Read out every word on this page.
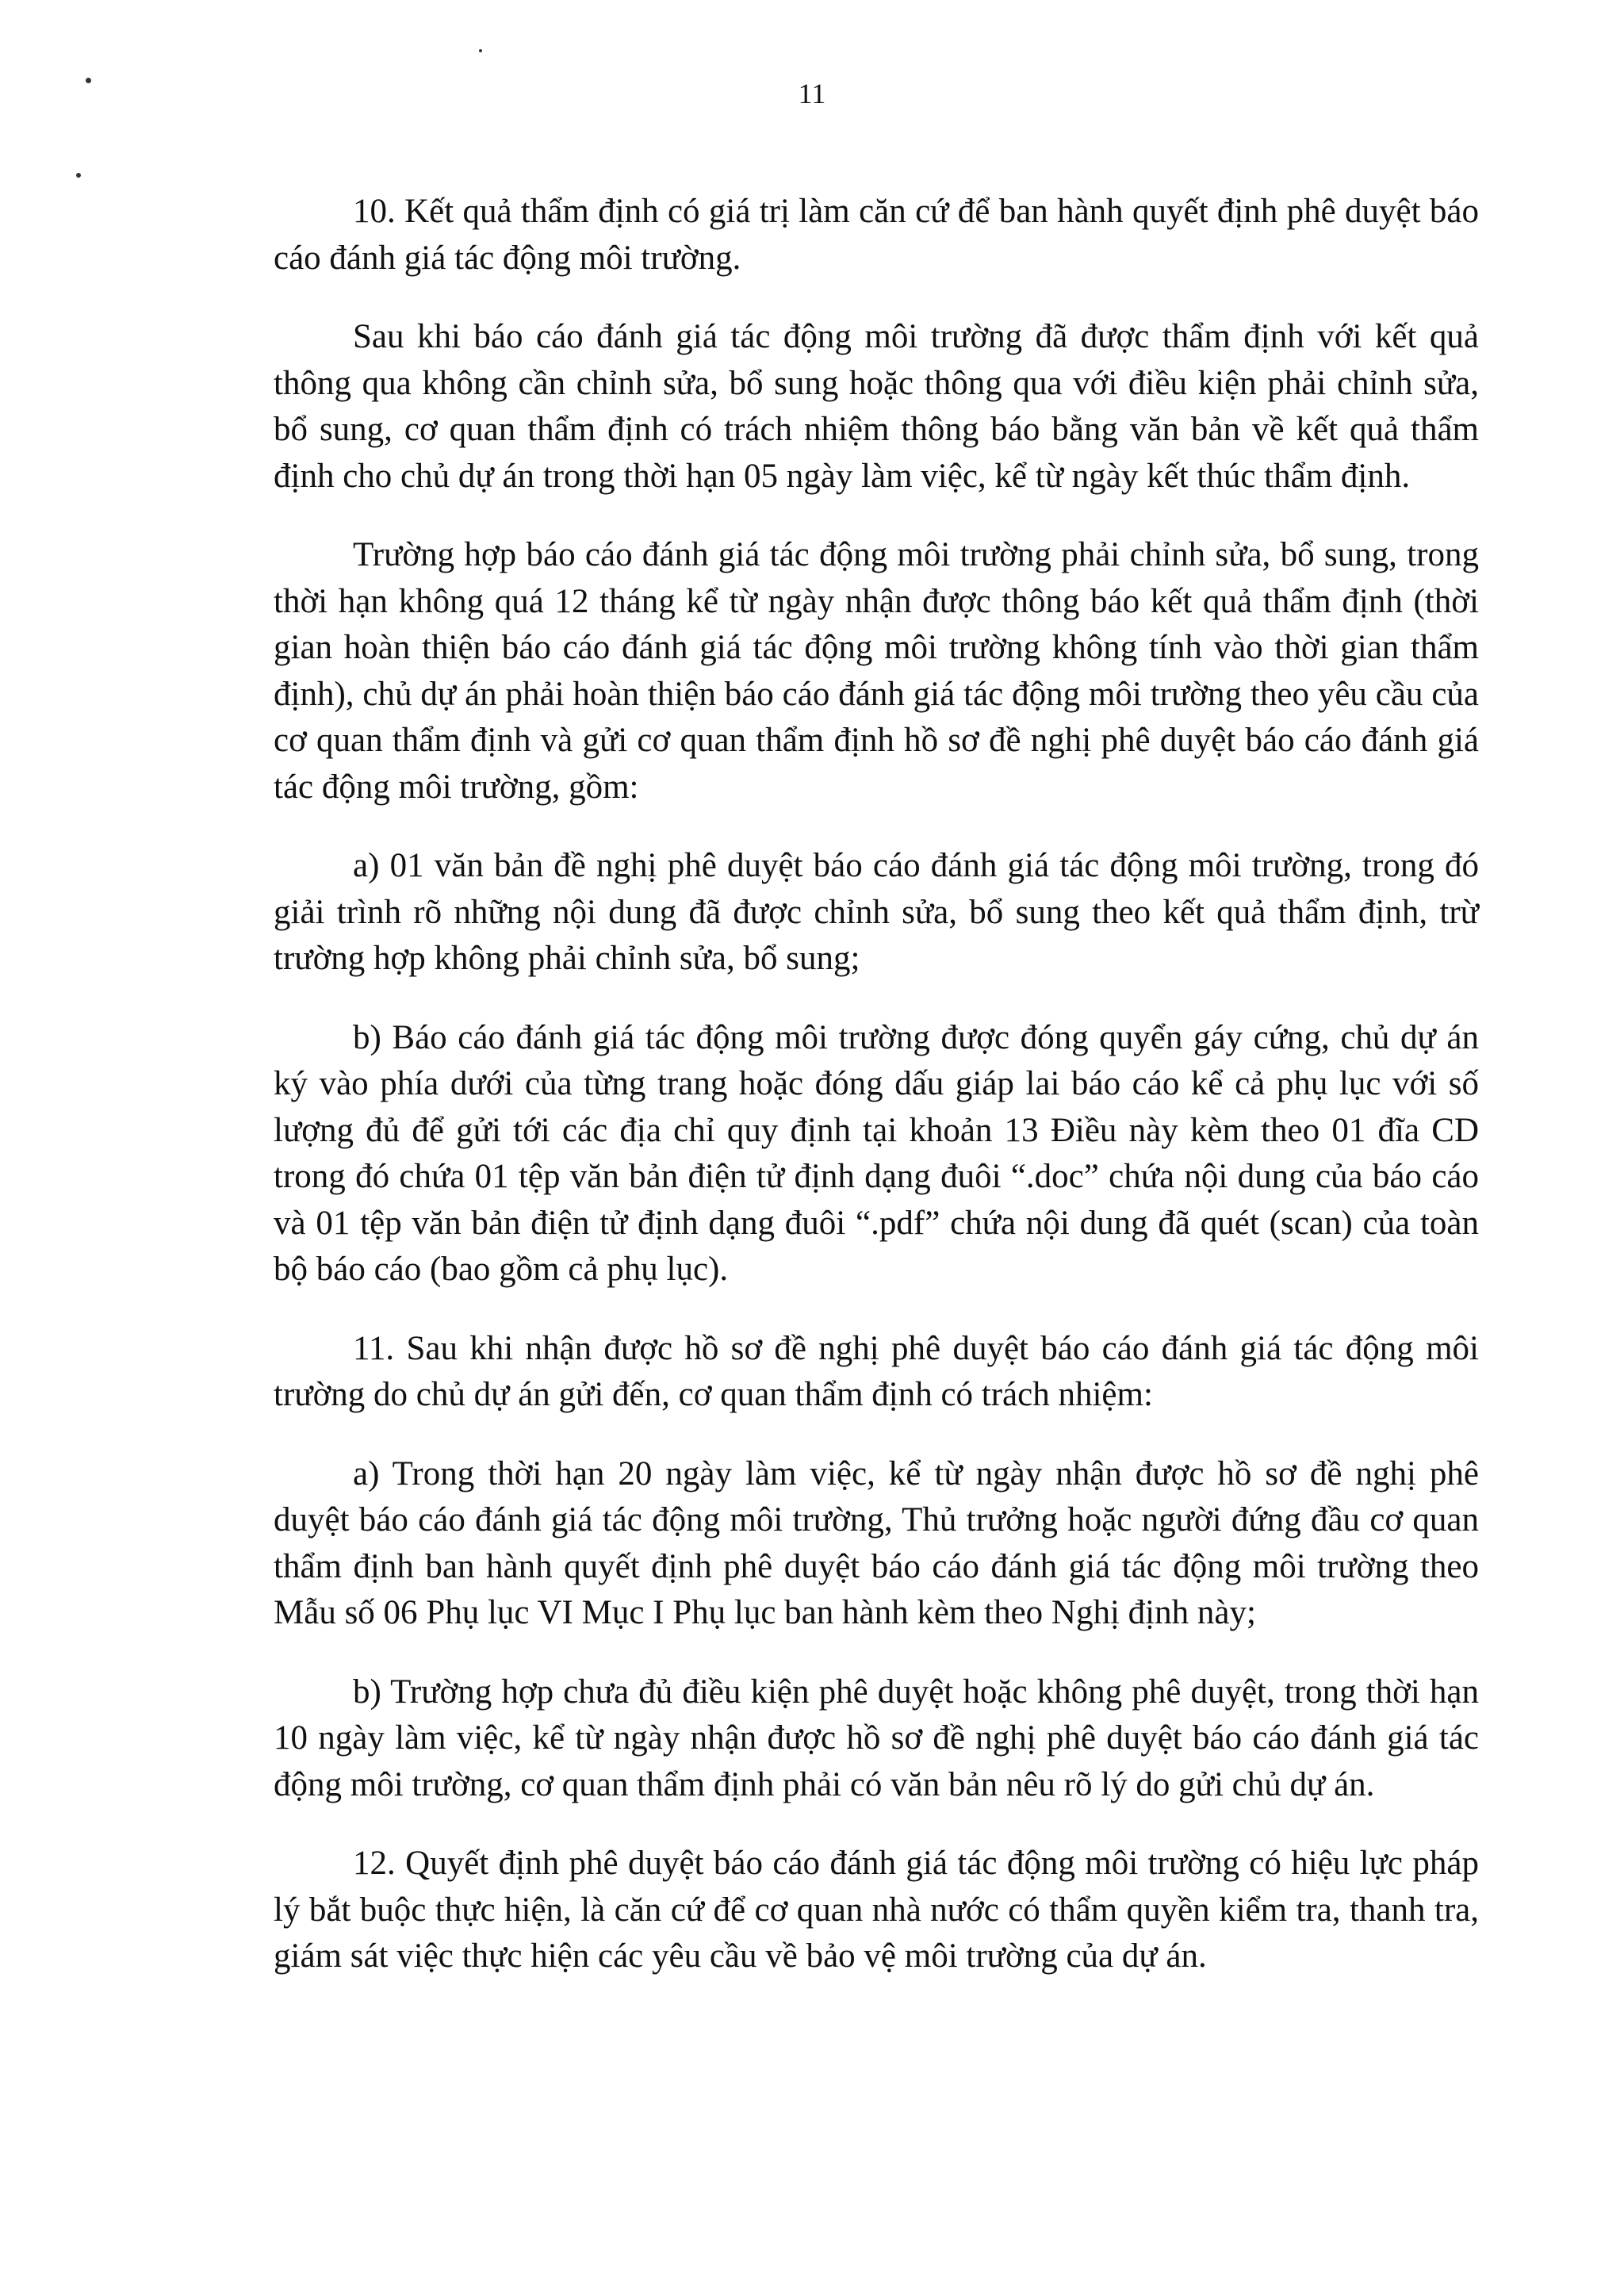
11

10. Kết quả thẩm định có giá trị làm căn cứ để ban hành quyết định phê duyệt báo cáo đánh giá tác động môi trường.

Sau khi báo cáo đánh giá tác động môi trường đã được thẩm định với kết quả thông qua không cần chỉnh sửa, bổ sung hoặc thông qua với điều kiện phải chỉnh sửa, bổ sung, cơ quan thẩm định có trách nhiệm thông báo bằng văn bản về kết quả thẩm định cho chủ dự án trong thời hạn 05 ngày làm việc, kể từ ngày kết thúc thẩm định.

Trường hợp báo cáo đánh giá tác động môi trường phải chỉnh sửa, bổ sung, trong thời hạn không quá 12 tháng kể từ ngày nhận được thông báo kết quả thẩm định (thời gian hoàn thiện báo cáo đánh giá tác động môi trường không tính vào thời gian thẩm định), chủ dự án phải hoàn thiện báo cáo đánh giá tác động môi trường theo yêu cầu của cơ quan thẩm định và gửi cơ quan thẩm định hồ sơ đề nghị phê duyệt báo cáo đánh giá tác động môi trường, gồm:

a) 01 văn bản đề nghị phê duyệt báo cáo đánh giá tác động môi trường, trong đó giải trình rõ những nội dung đã được chỉnh sửa, bổ sung theo kết quả thẩm định, trừ trường hợp không phải chỉnh sửa, bổ sung;

b) Báo cáo đánh giá tác động môi trường được đóng quyển gáy cứng, chủ dự án ký vào phía dưới của từng trang hoặc đóng dấu giáp lai báo cáo kể cả phụ lục với số lượng đủ để gửi tới các địa chỉ quy định tại khoản 13 Điều này kèm theo 01 đĩa CD trong đó chứa 01 tệp văn bản điện tử định dạng đuôi “.doc” chứa nội dung của báo cáo và 01 tệp văn bản điện tử định dạng đuôi “.pdf” chứa nội dung đã quét (scan) của toàn bộ báo cáo (bao gồm cả phụ lục).

11. Sau khi nhận được hồ sơ đề nghị phê duyệt báo cáo đánh giá tác động môi trường do chủ dự án gửi đến, cơ quan thẩm định có trách nhiệm:

a) Trong thời hạn 20 ngày làm việc, kể từ ngày nhận được hồ sơ đề nghị phê duyệt báo cáo đánh giá tác động môi trường, Thủ trưởng hoặc người đứng đầu cơ quan thẩm định ban hành quyết định phê duyệt báo cáo đánh giá tác động môi trường theo Mẫu số 06 Phụ lục VI Mục I Phụ lục ban hành kèm theo Nghị định này;

b) Trường hợp chưa đủ điều kiện phê duyệt hoặc không phê duyệt, trong thời hạn 10 ngày làm việc, kể từ ngày nhận được hồ sơ đề nghị phê duyệt báo cáo đánh giá tác động môi trường, cơ quan thẩm định phải có văn bản nêu rõ lý do gửi chủ dự án.

12. Quyết định phê duyệt báo cáo đánh giá tác động môi trường có hiệu lực pháp lý bắt buộc thực hiện, là căn cứ để cơ quan nhà nước có thẩm quyền kiểm tra, thanh tra, giám sát việc thực hiện các yêu cầu về bảo vệ môi trường của dự án.
